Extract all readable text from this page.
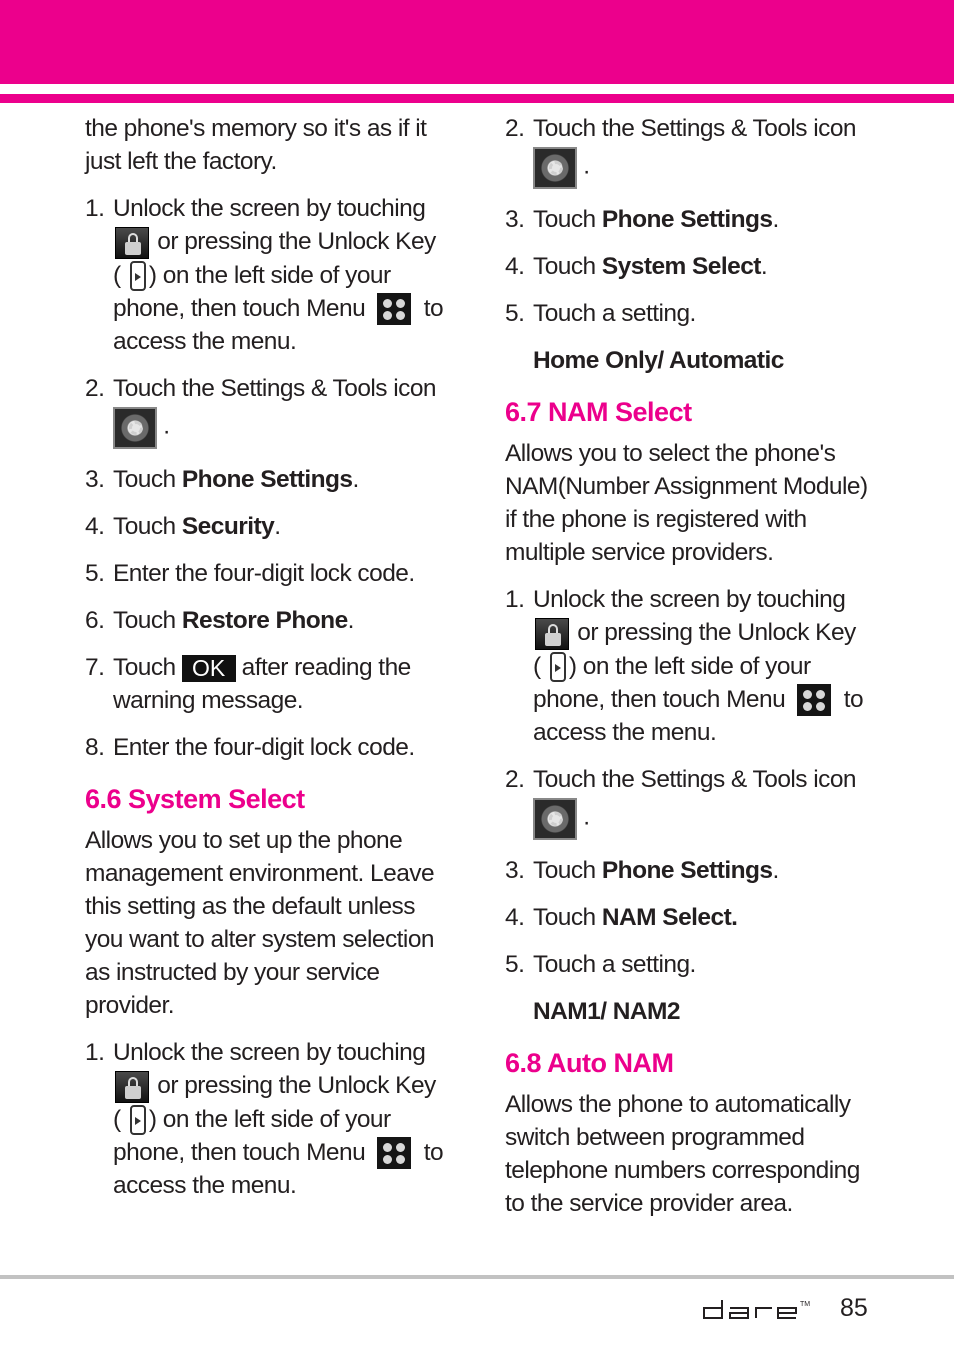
the phone's memory so it's as if it just left the factory.

1. Unlock the screen by touching

or pressing the Unlock Key
(
) on the left side of your
phone, then touch Menu to
access the menu.
2. Touch the Settings & Tools icon

.
3. Touch Phone Settings.
4. Touch Security.
5. Enter the four-digit lock code.
6. Touch Restore Phone.
7. Touch OK after reading the warning message.
8. Enter the four-digit lock code.
6.6 System Select

Allows you to set up the phone management environment. Leave this setting as the default unless you want to alter system selection as instructed by your service provider.

1. Unlock the screen by touching

or pressing the Unlock Key
(
) on the left side of your
phone, then touch Menu to
access the menu.
2. Touch the Settings & Tools icon

.
3. Touch Phone Settings.
4. Touch System Select.
5. Touch a setting.
Home Only/ Automatic
6.7 NAM Select

Allows you to select the phone's NAM(Number Assignment Module) if the phone is registered with multiple service providers.

1. Unlock the screen by touching

or pressing the Unlock Key
(
) on the left side of your
phone, then touch Menu to
access the menu.
2. Touch the Settings & Tools icon

.
3. Touch Phone Settings.
4. Touch NAM Select.
5. Touch a setting.
NAM1/ NAM2
6.8 Auto NAM

Allows the phone to automatically switch between programmed telephone numbers corresponding to the service provider area.

TM 85
